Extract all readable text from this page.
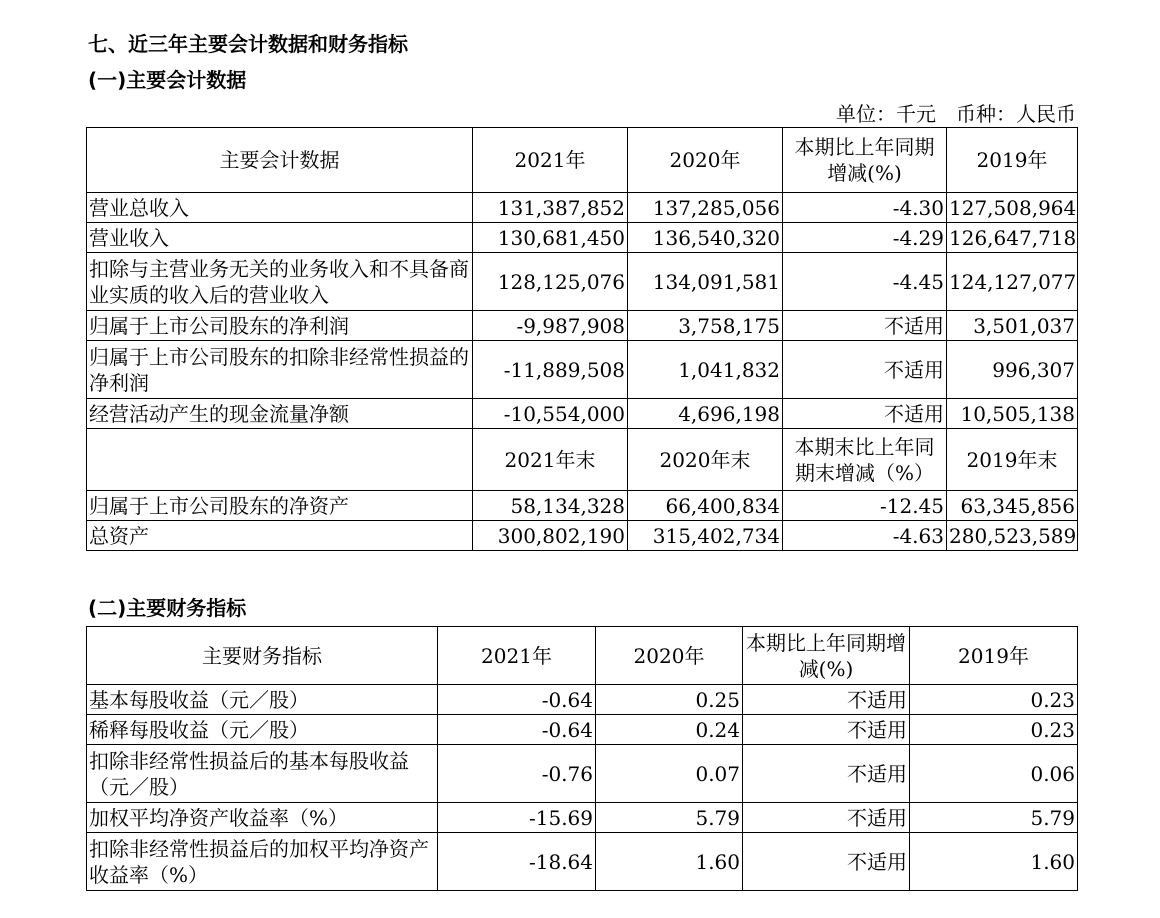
七、近三年主要会计数据和财务指标
(一)主要会计数据
单位：千元　币种：人民币
主要会计数据	2021年	2020年	本期比上年同期增减(%)	2019年
营业总收入	131,387,852	137,285,056	-4.30	127,508,964
营业收入	130,681,450	136,540,320	-4.29	126,647,718
扣除与主营业务无关的业务收入和不具备商业实质的收入后的营业收入	128,125,076	134,091,581	-4.45	124,127,077
归属于上市公司股东的净利润	-9,987,908	3,758,175	不适用	3,501,037
归属于上市公司股东的扣除非经常性损益的净利润	-11,889,508	1,041,832	不适用	996,307
经营活动产生的现金流量净额	-10,554,000	4,696,198	不适用	10,505,138
	2021年末	2020年末	本期末比上年同期末增减（%）	2019年末
归属于上市公司股东的净资产	58,134,328	66,400,834	-12.45	63,345,856
总资产	300,802,190	315,402,734	-4.63	280,523,589
(二)主要财务指标
主要财务指标	2021年	2020年	本期比上年同期增减(%)	2019年
基本每股收益（元／股）	-0.64	0.25	不适用	0.23
稀释每股收益（元／股）	-0.64	0.24	不适用	0.23
扣除非经常性损益后的基本每股收益（元／股）	-0.76	0.07	不适用	0.06
加权平均净资产收益率（%）	-15.69	5.79	不适用	5.79
扣除非经常性损益后的加权平均净资产收益率（%）	-18.64	1.60	不适用	1.60
